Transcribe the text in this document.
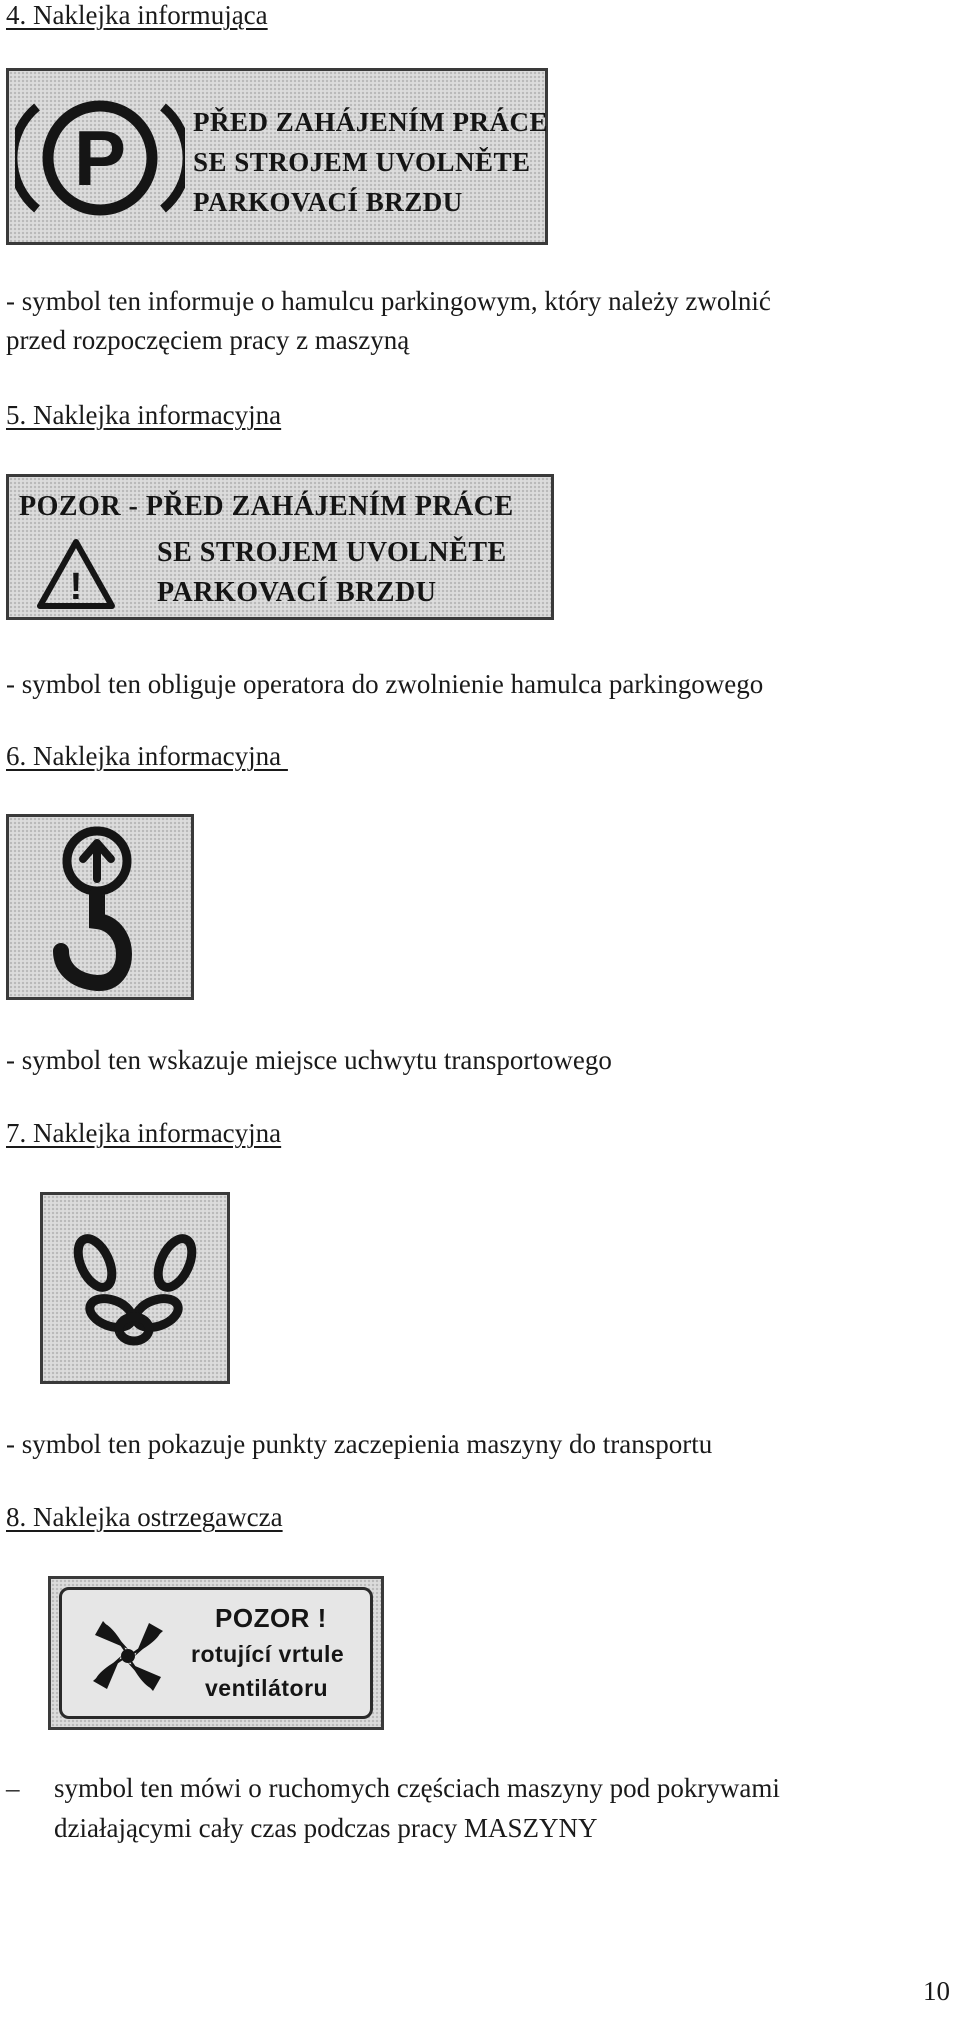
4. Naklejka informująca
P PŘED ZAHÁJENÍM PRÁCE
SE STROJEM UVOLNĚTE
PARKOVACÍ BRZDU
- symbol ten informuje o hamulcu parkingowym, który należy zwolnić
przed rozpoczęciem pracy z maszyną
5. Naklejka informacyjna
POZOR - PŘED ZAHÁJENÍM PRÁCE
!
SE STROJEM UVOLNĚTE
PARKOVACÍ BRZDU
- symbol ten obliguje operatora do zwolnienie hamulca parkingowego
6. Naklejka informacyjna
- symbol ten wskazuje miejsce uchwytu transportowego
7. Naklejka informacyjna
- symbol ten pokazuje punkty zaczepienia maszyny do transportu
8. Naklejka ostrzegawcza
POZOR !
rotující vrtule
ventilátoru
– symbol ten mówi o ruchomych częściach maszyny pod pokrywami
działającymi cały czas podczas pracy MASZYNY
10
